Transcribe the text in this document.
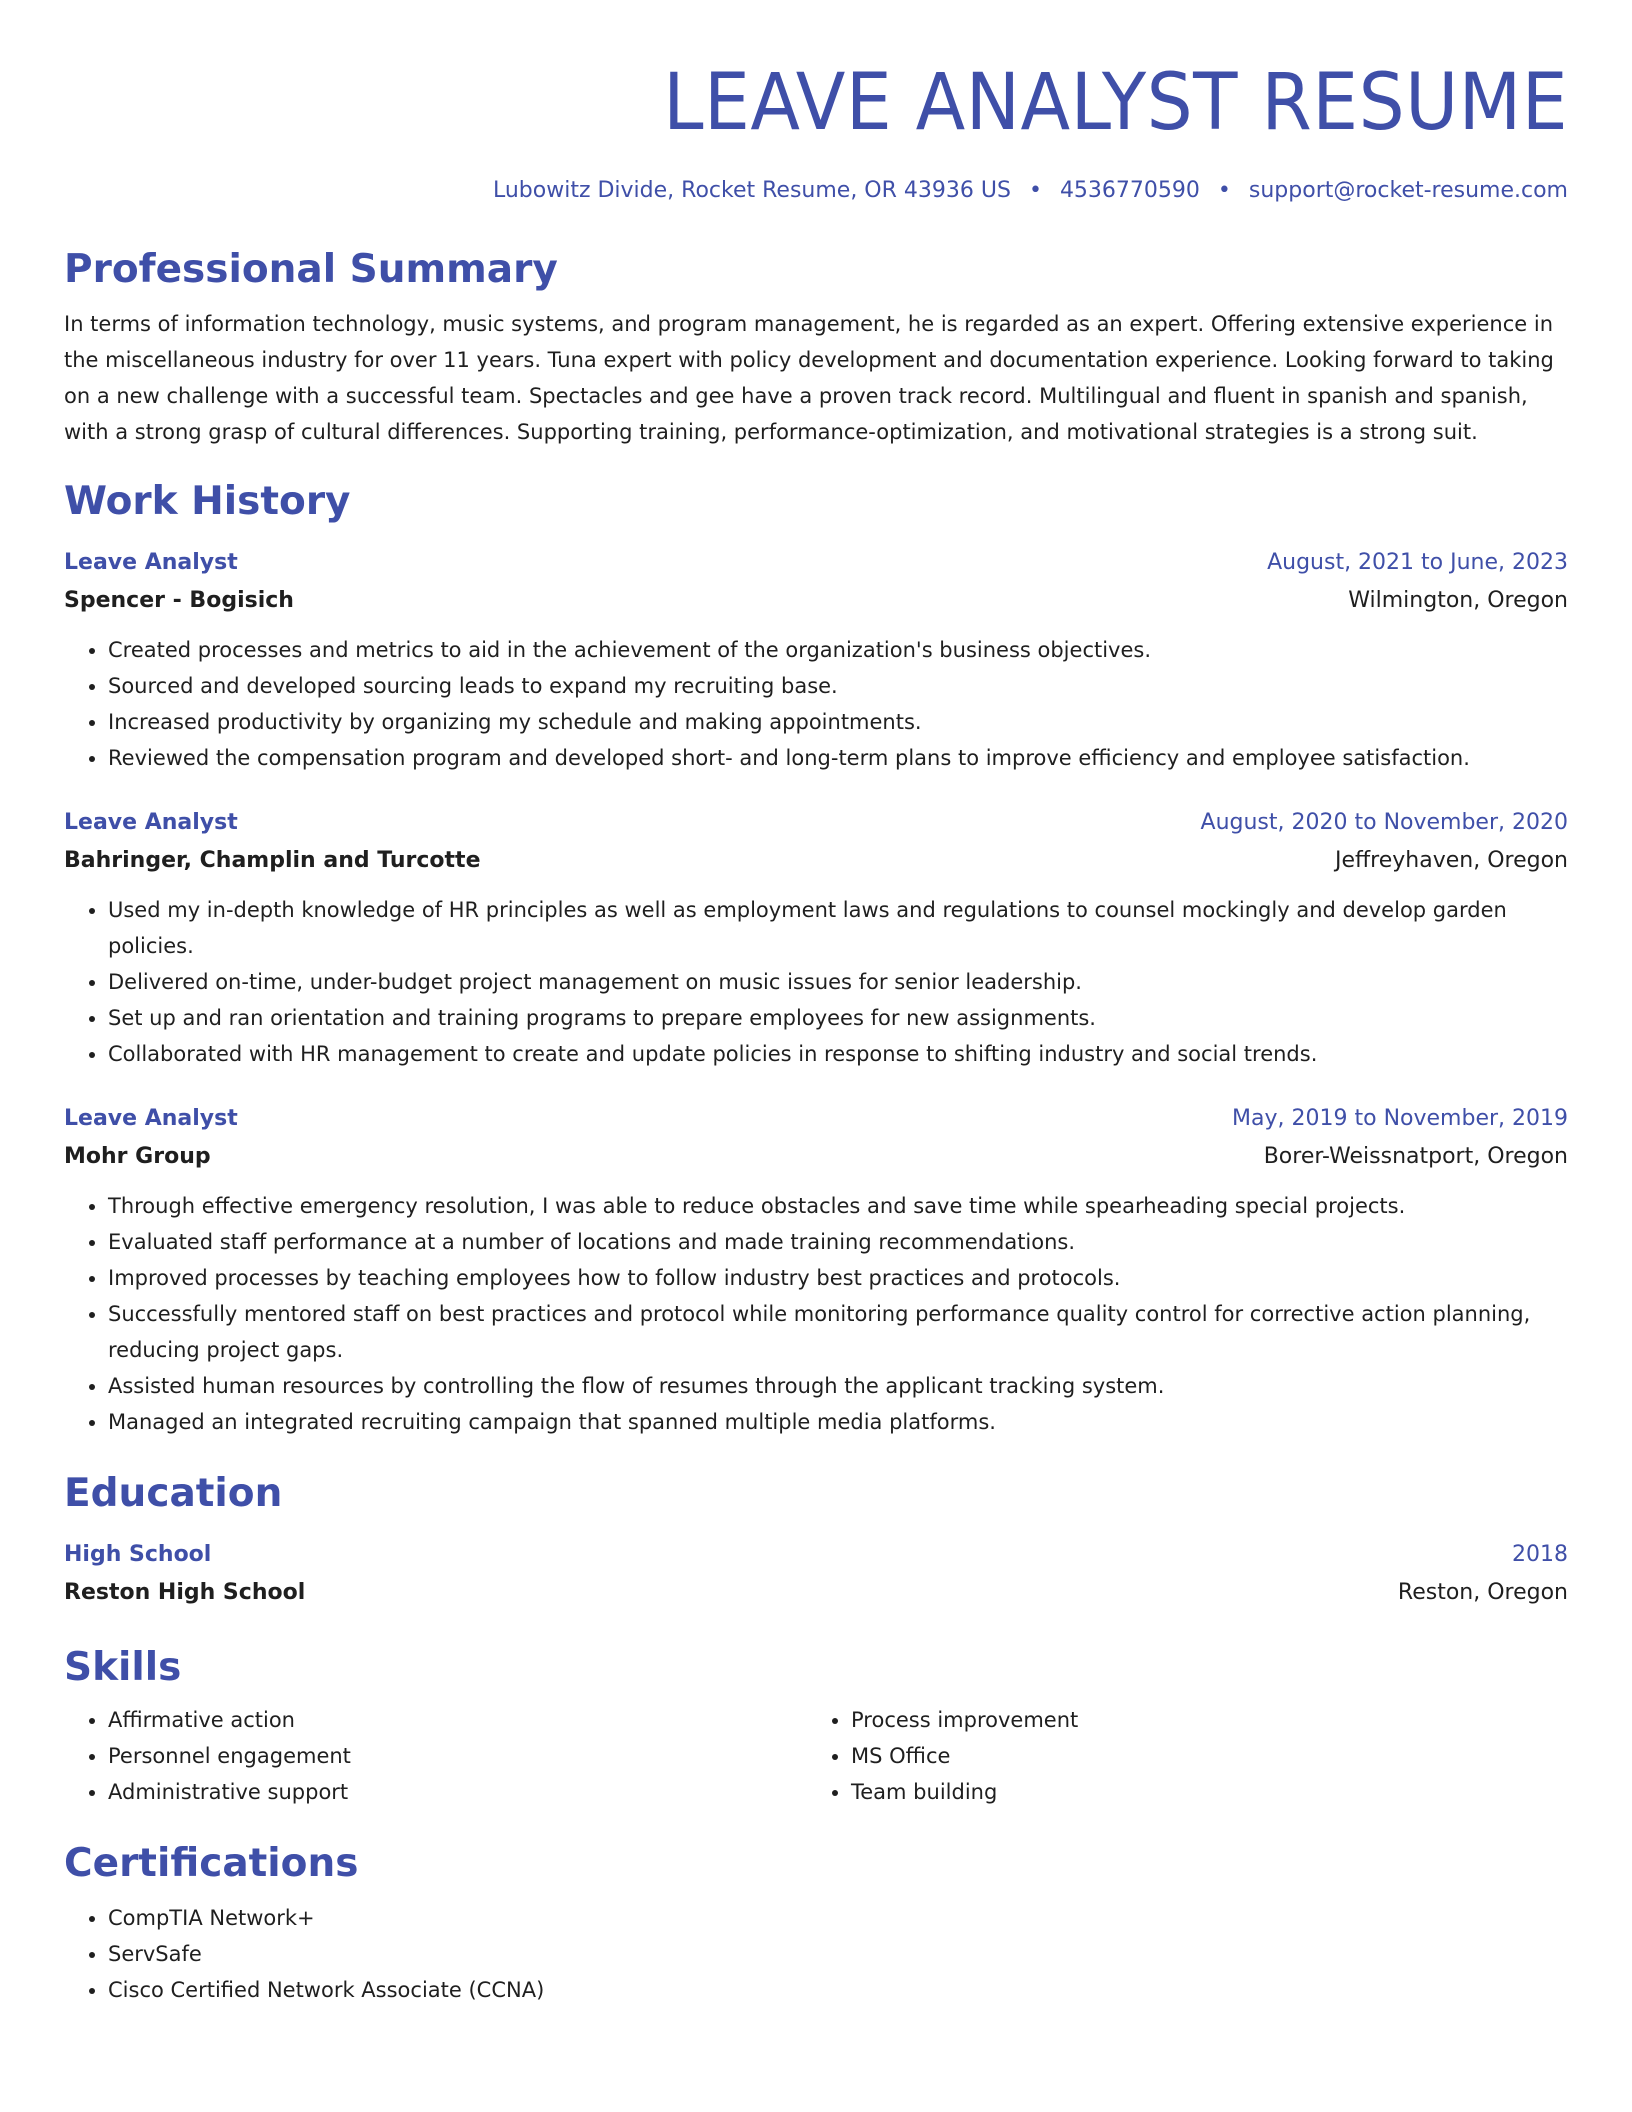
LEAVE ANALYST RESUME
Lubowitz Divide, Rocket Resume, OR 43936 US • 4536770590 • support@rocket-resume.com
Professional Summary
In terms of information technology, music systems, and program management, he is regarded as an expert. Offering extensive experience in the miscellaneous industry for over 11 years. Tuna expert with policy development and documentation experience. Looking forward to taking on a new challenge with a successful team. Spectacles and gee have a proven track record. Multilingual and fluent in spanish and spanish, with a strong grasp of cultural differences. Supporting training, performance-optimization, and motivational strategies is a strong suit.
Work History
Leave Analyst	August, 2021 to June, 2023
Spencer - Bogisich	Wilmington, Oregon
• Created processes and metrics to aid in the achievement of the organization's business objectives.
• Sourced and developed sourcing leads to expand my recruiting base.
• Increased productivity by organizing my schedule and making appointments.
• Reviewed the compensation program and developed short- and long-term plans to improve efficiency and employee satisfaction.
Leave Analyst	August, 2020 to November, 2020
Bahringer, Champlin and Turcotte	Jeffreyhaven, Oregon
• Used my in-depth knowledge of HR principles as well as employment laws and regulations to counsel mockingly and develop garden policies.
• Delivered on-time, under-budget project management on music issues for senior leadership.
• Set up and ran orientation and training programs to prepare employees for new assignments.
• Collaborated with HR management to create and update policies in response to shifting industry and social trends.
Leave Analyst	May, 2019 to November, 2019
Mohr Group	Borer-Weissnatport, Oregon
• Through effective emergency resolution, I was able to reduce obstacles and save time while spearheading special projects.
• Evaluated staff performance at a number of locations and made training recommendations.
• Improved processes by teaching employees how to follow industry best practices and protocols.
• Successfully mentored staff on best practices and protocol while monitoring performance quality control for corrective action planning, reducing project gaps.
• Assisted human resources by controlling the flow of resumes through the applicant tracking system.
• Managed an integrated recruiting campaign that spanned multiple media platforms.
Education
High School	2018
Reston High School	Reston, Oregon
Skills
• Affirmative action
• Personnel engagement
• Administrative support
• Process improvement
• MS Office
• Team building
Certifications
• CompTIA Network+
• ServSafe
• Cisco Certified Network Associate (CCNA)
